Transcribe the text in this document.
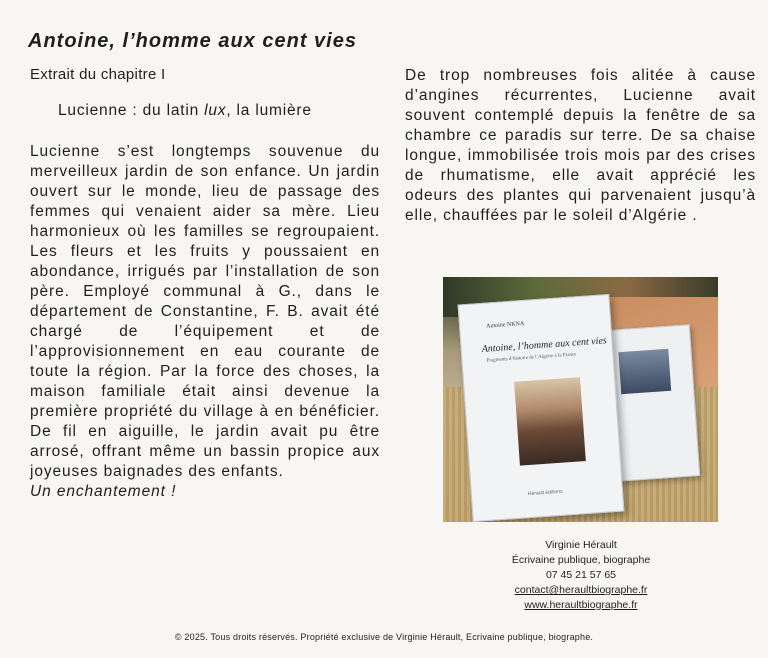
Antoine, l’homme aux cent vies
Extrait du chapitre I
Lucienne : du latin lux, la lumière
Lucienne s’est longtemps souvenue du merveilleux jardin de son enfance. Un jardin ouvert sur le monde, lieu de passage des femmes qui venaient aider sa mère. Lieu harmonieux où les familles se regroupaient. Les fleurs et les fruits y poussaient en abondance, irrigués par l’installation de son père. Employé communal à G., dans le département de Constantine, F. B. avait été chargé de l’équipement et de l’approvisionnement en eau courante de toute la région. Par la force des choses, la maison familiale était ainsi devenue la première propriété du village à en bénéficier. De fil en aiguille, le jardin avait pu être arrosé, offrant même un bassin propice aux joyeuses baignades des enfants.
Un enchantement !
De trop nombreuses fois alitée à cause d’angines récurrentes, Lucienne avait souvent contemplé depuis la fenêtre de sa chambre ce paradis sur terre. De sa chaise longue, immobilisée trois mois par des crises de rhumatisme, elle avait apprécié les odeurs des plantes qui parvenaient jusqu’à elle, chauffées par le soleil d’Algérie .
Antoine NKNA
Antoine, l’homme aux cent vies
Fragments d’histoire de l’Algérie à la France
Hérault éditions
Virginie Hérault
Écrivaine publique, biographe
07 45 21 57 65
contact@heraultbiographe.fr
www.heraultbiographe.fr
© 2025. Tous droits réservés. Propriété exclusive de Virginie Hérault, Ecrivaine publique, biographe.
